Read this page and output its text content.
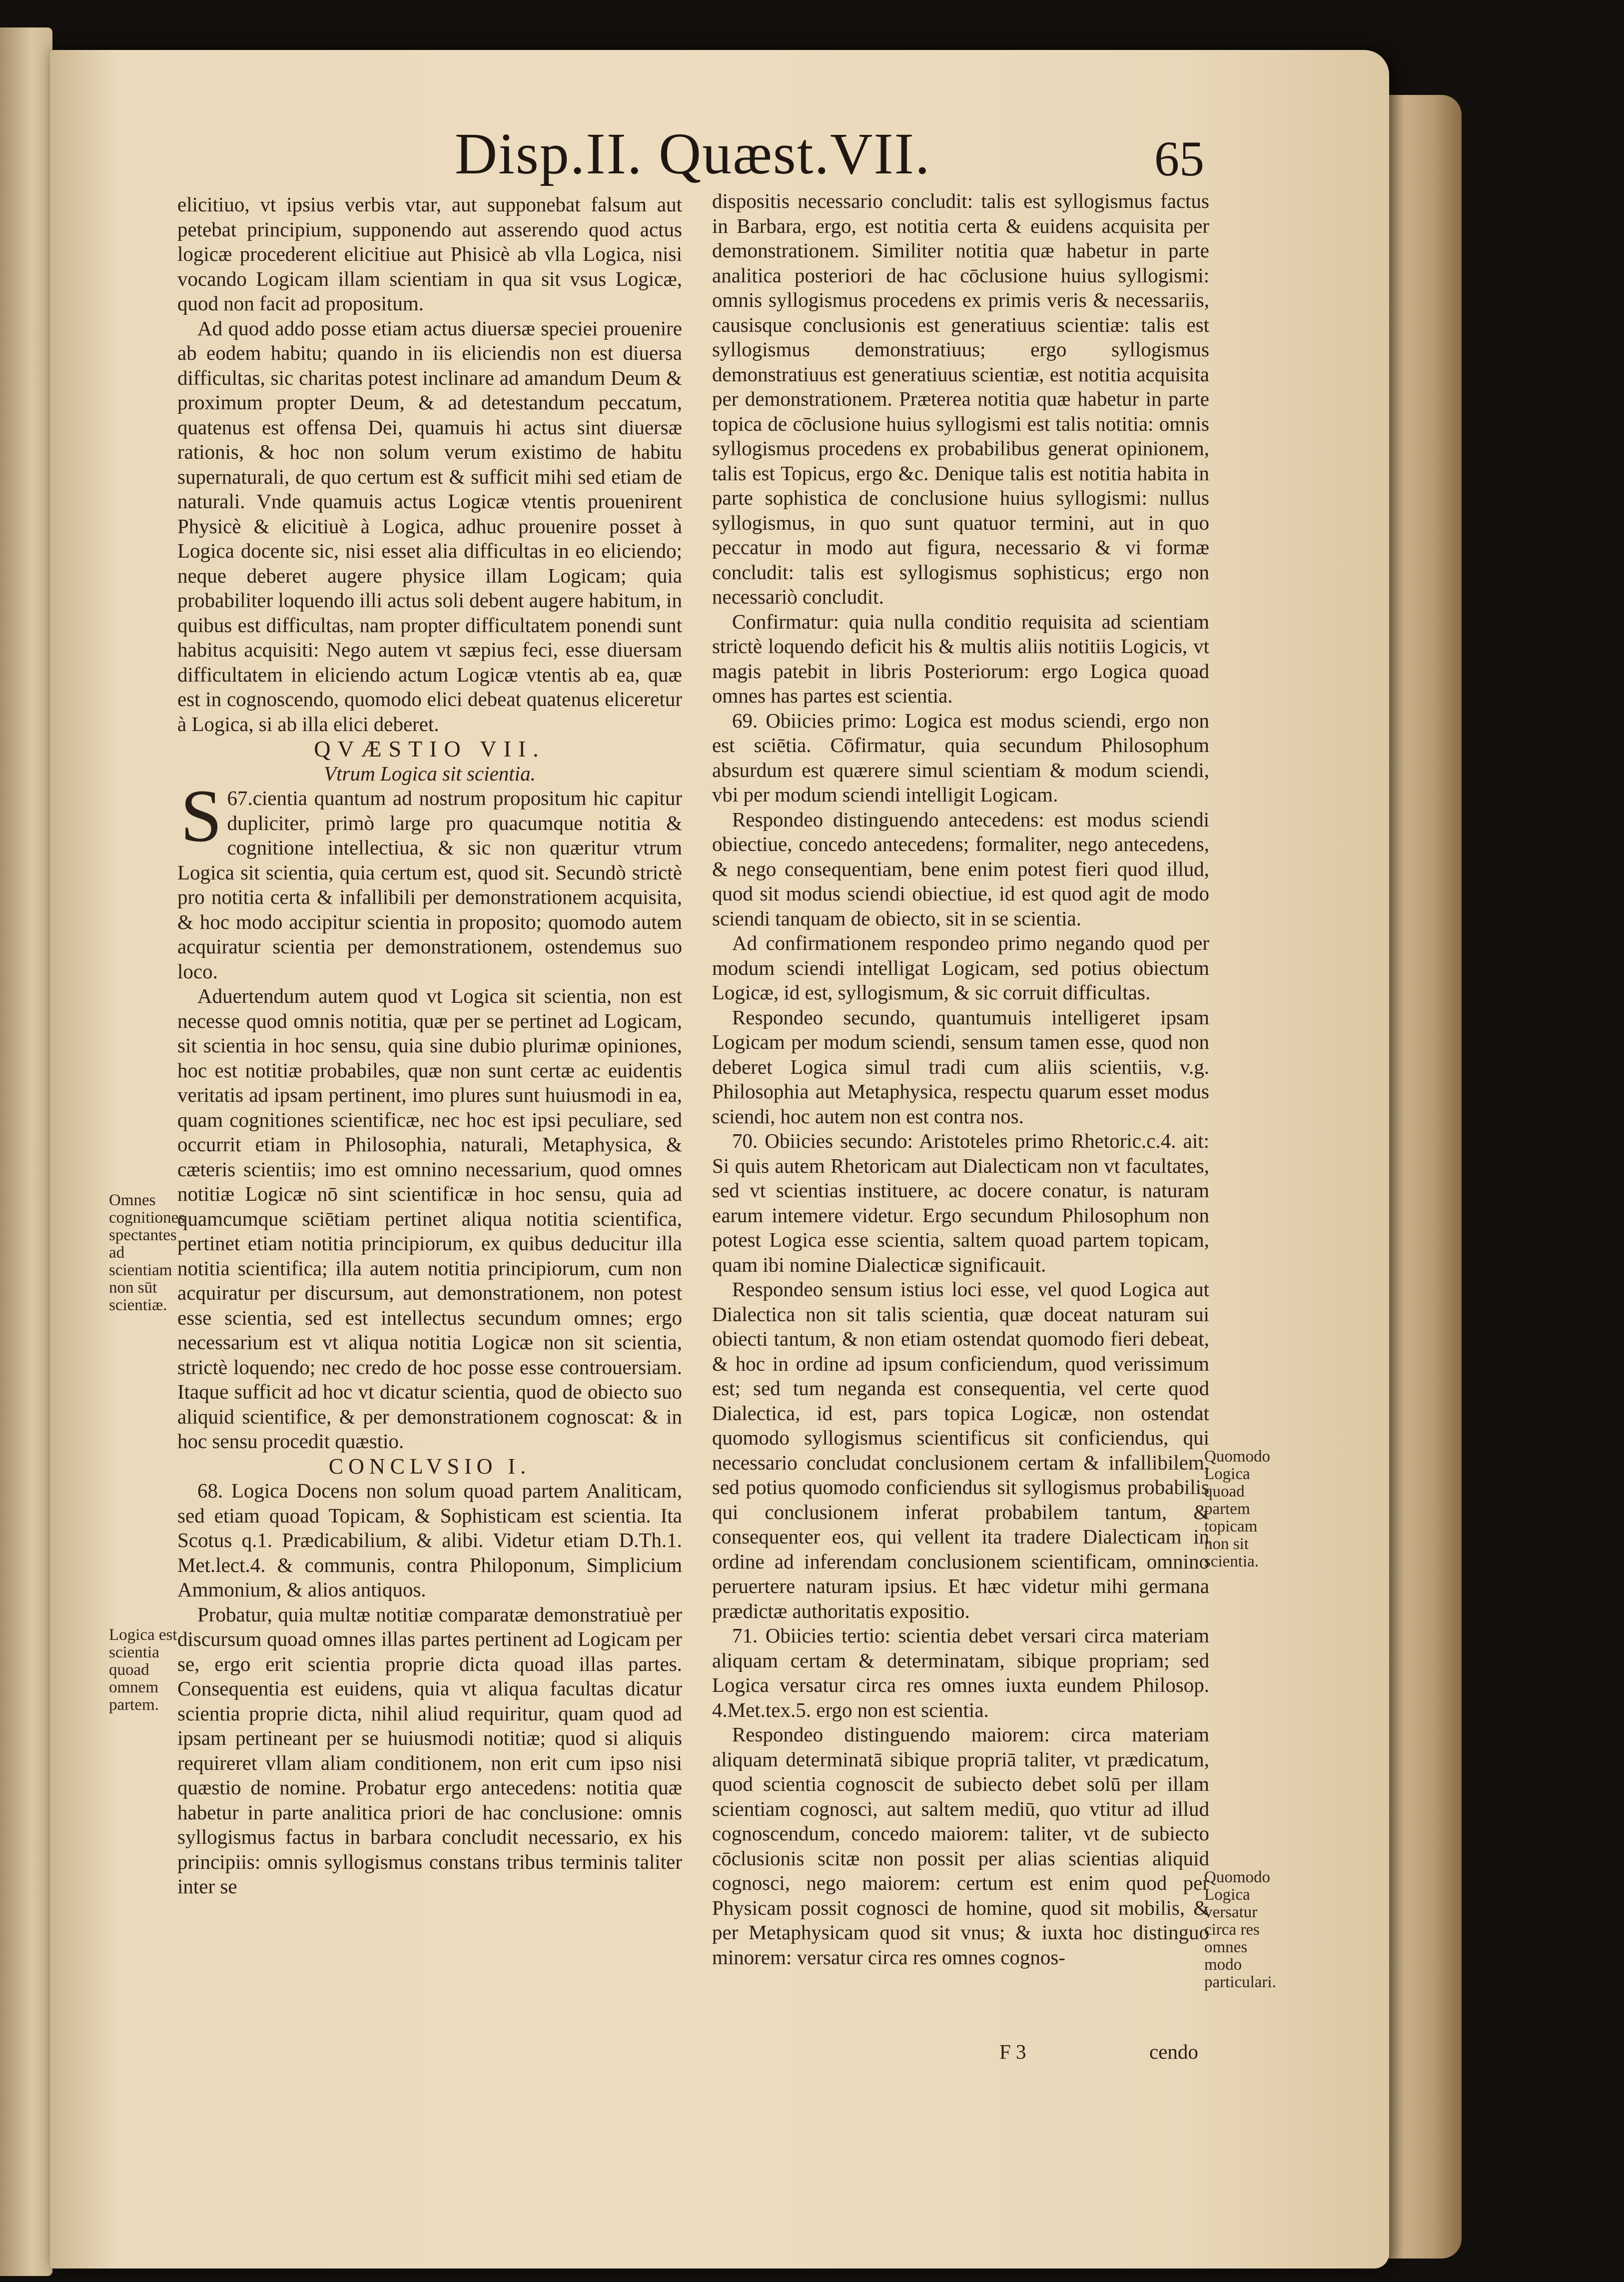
Disp.II. Quæst.VII.	65

elicitiuo, vt ipsius verbis vtar, aut supponebat falsum aut petebat principium, supponendo aut asserendo quod actus logicæ procederent elicitiue aut Phisicè ab vlla Logica, nisi vocando Logicam illam scientiam in qua sit vsus Logicæ, quod non facit ad propositum.

Ad quod addo posse etiam actus diuersæ speciei prouenire ab eodem habitu; quando in iis eliciendis non est diuersa difficultas, sic charitas potest inclinare ad amandum Deum & proximum propter Deum, & ad detestandum peccatum, quatenus est offensa Dei, quamuis hi actus sint diuersæ rationis, & hoc non solum verum existimo de habitu supernaturali, de quo certum est & sufficit mihi sed etiam de naturali. Vnde quamuis actus Logicæ vtentis prouenirent Physicè & elicitiuè à Logica, adhuc prouenire posset à Logica docente sic, nisi esset alia difficultas in eo eliciendo; neque deberet augere physice illam Logicam; quia probabiliter loquendo illi actus soli debent augere habitum, in quibus est difficultas, nam propter difficultatem ponendi sunt habitus acquisiti: Nego autem vt sæpius feci, esse diuersam difficultatem in eliciendo actum Logicæ vtentis ab ea, quæ est in cognoscendo, quomodo elici debeat quatenus eliceretur à Logica, si ab illa elici deberet.

QVÆSTIO VII.

Vtrum Logica sit scientia.

67.
S cientia quantum ad nostrum propositum hic capitur dupliciter, primò large pro quacumque notitia & cognitione intellectiua, & sic non quæritur vtrum Logica sit scientia, quia certum est, quod sit. Secundò strictè pro notitia certa & infallibili per demonstrationem acquisita, & hoc modo accipitur scientia in proposito; quomodo autem acquiratur scientia per demonstrationem, ostendemus suo loco.

Aduertendum autem quod vt Logica sit scientia, non est necesse quod omnis notitia, quæ per se pertinet ad Logicam, sit scientia in hoc sensu, quia sine dubio plurimæ opiniones, hoc est notitiæ probabiles, quæ non sunt certæ ac euidentis veritatis ad ipsam pertinent, imo plures sunt huiusmodi in ea, quam cognitiones scientificæ, nec hoc est ipsi peculiare, sed occurrit etiam in Philosophia, naturali, Metaphysica, & cæteris scientiis; imo est omnino necessarium, quod omnes notitiæ Logicæ nō sint scientificæ in hoc sensu, quia ad quamcumque sciētiam pertinet aliqua notitia scientifica, pertinet etiam notitia principiorum, ex quibus deducitur illa notitia scientifica; illa autem notitia principiorum, cum non acquiratur per discursum, aut demonstrationem, non potest esse scientia, sed est intellectus secundum omnes; ergo necessarium est vt aliqua notitia Logicæ non sit scientia, strictè loquendo; nec credo de hoc posse esse controuersiam. Itaque sufficit ad hoc vt dicatur scientia, quod de obiecto suo aliquid scientifice, & per demonstrationem cognoscat: & in hoc sensu procedit quæstio.

CONCLVSIO I.

68. Logica Docens non solum quoad partem Analiticam, sed etiam quoad Topicam, & Sophisticam est scientia. Ita Scotus q.1. Prædicabilium, & alibi. Videtur etiam D.Th.1. Met.lect.4. & communis, contra Philoponum, Simplicium Ammonium, & alios antiquos.

Probatur, quia multæ notitiæ comparatæ demonstratiuè per discursum quoad omnes illas partes pertinent ad Logicam per se, ergo erit scientia proprie dicta quoad illas partes. Consequentia est euidens, quia vt aliqua facultas dicatur scientia proprie dicta, nihil aliud requiritur, quam quod ad ipsam pertineant per se huiusmodi notitiæ; quod si aliquis requireret vllam aliam conditionem, non erit cum ipso nisi quæstio de nomine. Probatur ergo antecedens: notitia quæ habetur in parte analitica priori de hac conclusione: omnis syllogismus factus in barbara concludit necessario, ex his principiis: omnis syllogismus constans tribus terminis taliter inter se

dispositis necessario concludit: talis est syllogismus factus in Barbara, ergo, est notitia certa & euidens acquisita per demonstrationem. Similiter notitia quæ habetur in parte analitica posteriori de hac cōclusione huius syllogismi: omnis syllogismus procedens ex primis veris & necessariis, causisque conclusionis est generatiuus scientiæ: talis est syllogismus demonstratiuus; ergo syllogismus demonstratiuus est generatiuus scientiæ, est notitia acquisita per demonstrationem. Præterea notitia quæ habetur in parte topica de cōclusione huius syllogismi est talis notitia: omnis syllogismus procedens ex probabilibus generat opinionem, talis est Topicus, ergo &c. Denique talis est notitia habita in parte sophistica de conclusione huius syllogismi: nullus syllogismus, in quo sunt quatuor termini, aut in quo peccatur in modo aut figura, necessario & vi formæ concludit: talis est syllogismus sophisticus; ergo non necessariò concludit.

Confirmatur: quia nulla conditio requisita ad scientiam strictè loquendo deficit his & multis aliis notitiis Logicis, vt magis patebit in libris Posteriorum: ergo Logica quoad omnes has partes est scientia.

69. Obiicies primo: Logica est modus sciendi, ergo non est sciētia. Cōfirmatur, quia secundum Philosophum absurdum est quærere simul scientiam & modum sciendi, vbi per modum sciendi intelligit Logicam.

Respondeo distinguendo antecedens: est modus sciendi obiectiue, concedo antecedens; formaliter, nego antecedens, & nego consequentiam, bene enim potest fieri quod illud, quod sit modus sciendi obiectiue, id est quod agit de modo sciendi tanquam de obiecto, sit in se scientia.

Ad confirmationem respondeo primo negando quod per modum sciendi intelligat Logicam, sed potius obiectum Logicæ, id est, syllogismum, & sic corruit difficultas.

Respondeo secundo, quantumuis intelligeret ipsam Logicam per modum sciendi, sensum tamen esse, quod non deberet Logica simul tradi cum aliis scientiis, v.g. Philosophia aut Metaphysica, respectu quarum esset modus sciendi, hoc autem non est contra nos.

70. Obiicies secundo: Aristoteles primo Rhetoric.c.4. ait: Si quis autem Rhetoricam aut Dialecticam non vt facultates, sed vt scientias instituere, ac docere conatur, is naturam earum intemere videtur. Ergo secundum Philosophum non potest Logica esse scientia, saltem quoad partem topicam, quam ibi nomine Dialecticæ significauit.

Respondeo sensum istius loci esse, vel quod Logica aut Dialectica non sit talis scientia, quæ doceat naturam sui obiecti tantum, & non etiam ostendat quomodo fieri debeat, & hoc in ordine ad ipsum conficiendum, quod verissimum est; sed tum neganda est consequentia, vel certe quod Dialectica, id est, pars topica Logicæ, non ostendat quomodo syllogismus scientificus sit conficiendus, qui necessario concludat conclusionem certam & infallibilem, sed potius quomodo conficiendus sit syllogismus probabilis qui conclusionem inferat probabilem tantum, & consequenter eos, qui vellent ita tradere Dialecticam in ordine ad inferendam conclusionem scientificam, omnino peruertere naturam ipsius. Et hæc videtur mihi germana prædictæ authoritatis expositio.

71. Obiicies tertio: scientia debet versari circa materiam aliquam certam & determinatam, sibique propriam; sed Logica versatur circa res omnes iuxta eundem Philosop. 4.Met.tex.5. ergo non est scientia.

Respondeo distinguendo maiorem: circa materiam aliquam determinatā sibique propriā taliter, vt prædicatum, quod scientia cognoscit de subiecto debet solū per illam scientiam cognosci, aut saltem mediū, quo vtitur ad illud cognoscendum, concedo maiorem: taliter, vt de subiecto cōclusionis scitæ non possit per alias scientias aliquid cognosci, nego maiorem: certum est enim quod per Physicam possit cognosci de homine, quod sit mobilis, & per Metaphysicam quod sit vnus; & iuxta hoc distinguo minorem: versatur circa res omnes cognos-

Omnes cognitiones spectantes ad scientiam non sūt scientiæ.
Logica est scientia quoad omnem partem.
Quomodo Logica quoad partem topicam non sit scientia.
Quomodo Logica versatur circa res omnes modo particulari.
F 3	cendo
